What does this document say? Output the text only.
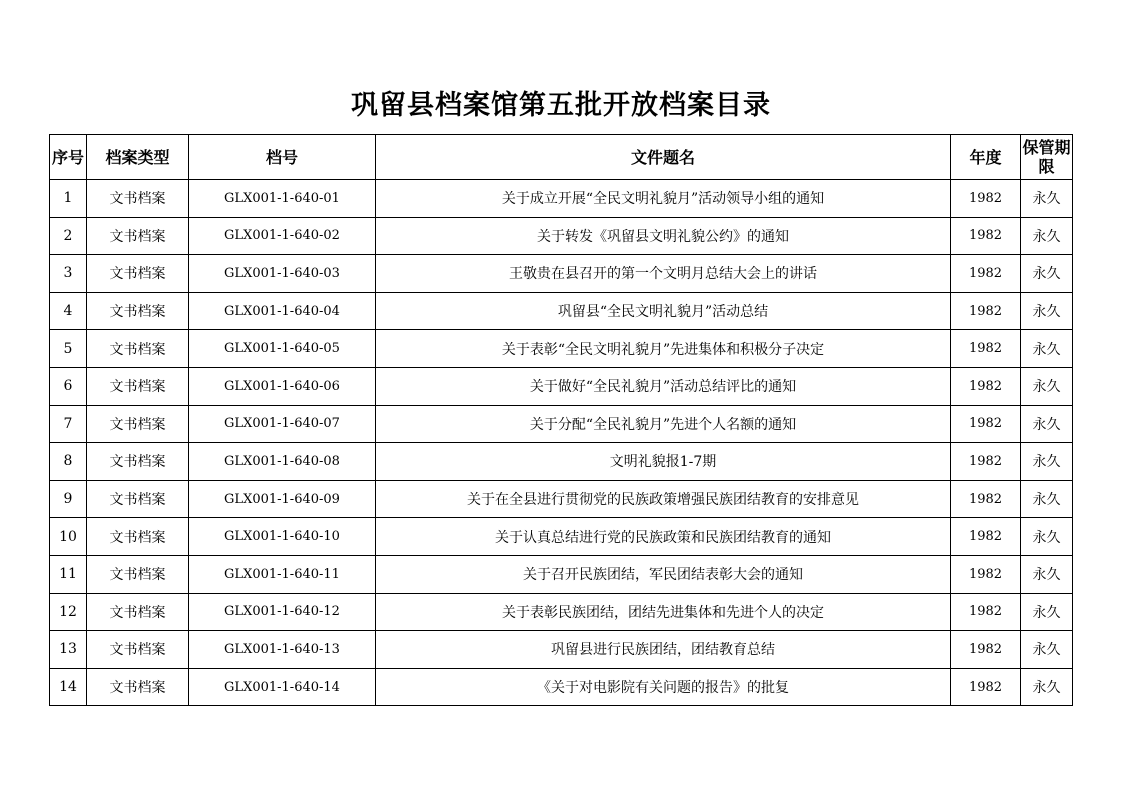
巩留县档案馆第五批开放档案目录
序号	档案类型	档号	文件题名	年度	保管期限
1	文书档案	GLX001-1-640-01	关于成立开展“全民文明礼貌月”活动领导小组的通知	1982	永久
2	文书档案	GLX001-1-640-02	关于转发《巩留县文明礼貌公约》的通知	1982	永久
3	文书档案	GLX001-1-640-03	王敬贵在县召开的第一个文明月总结大会上的讲话	1982	永久
4	文书档案	GLX001-1-640-04	巩留县“全民文明礼貌月”活动总结	1982	永久
5	文书档案	GLX001-1-640-05	关于表彰“全民文明礼貌月”先进集体和积极分子决定	1982	永久
6	文书档案	GLX001-1-640-06	关于做好“全民礼貌月”活动总结评比的通知	1982	永久
7	文书档案	GLX001-1-640-07	关于分配“全民礼貌月”先进个人名额的通知	1982	永久
8	文书档案	GLX001-1-640-08	文明礼貌报1-7期	1982	永久
9	文书档案	GLX001-1-640-09	关于在全县进行贯彻党的民族政策增强民族团结教育的安排意见	1982	永久
10	文书档案	GLX001-1-640-10	关于认真总结进行党的民族政策和民族团结教育的通知	1982	永久
11	文书档案	GLX001-1-640-11	关于召开民族团结，军民团结表彰大会的通知	1982	永久
12	文书档案	GLX001-1-640-12	关于表彰民族团结，团结先进集体和先进个人的决定	1982	永久
13	文书档案	GLX001-1-640-13	巩留县进行民族团结，团结教育总结	1982	永久
14	文书档案	GLX001-1-640-14	《关于对电影院有关问题的报告》的批复	1982	永久
